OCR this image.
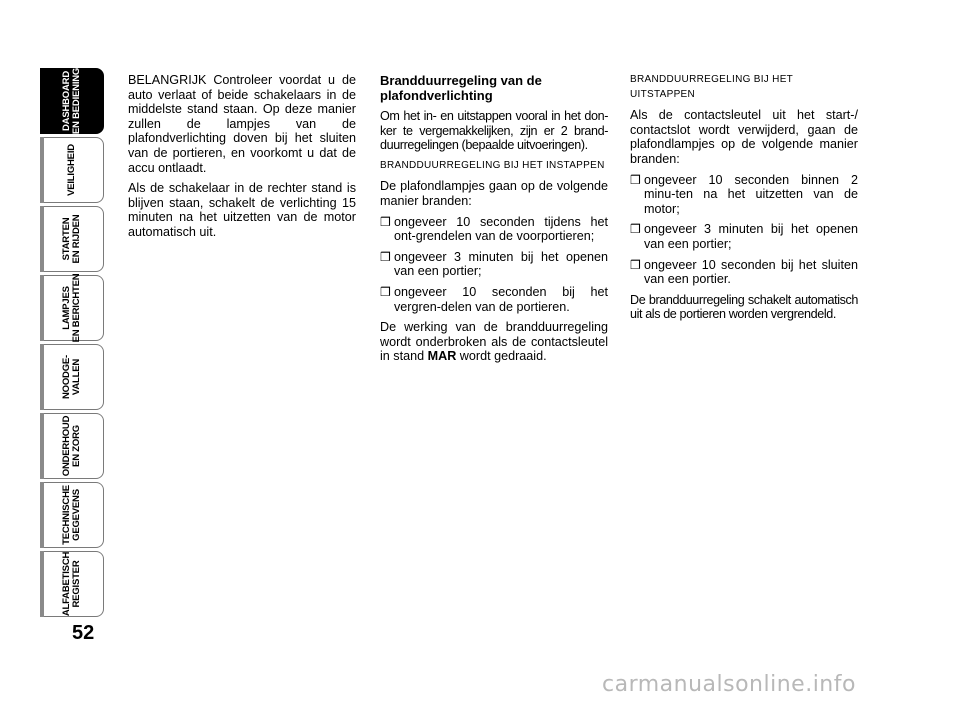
DASHBOARD
EN BEDIENING
VEILIGHEID
STARTEN
EN RIJDEN
LAMPJES
EN BERICHTEN
NOODGE-
VALLEN
ONDERHOUD
EN ZORG
TECHNISCHE
GEGEVENS
ALFABETISCH
REGISTER
52

BELANGRIJK Controleer voordat u de auto verlaat of beide schakelaars in de middelste stand staan. Op deze manier zullen de lampjes van de plafondverlichting doven bij het sluiten van de portieren, en voorkomt u dat de accu ontlaadt.

Als de schakelaar in de rechter stand is blijven staan, schakelt de verlichting 15 minuten na het uitzetten van de motor automatisch uit.

Brandduurregeling van de plafondverlichting

Om het in- en uitstappen vooral in het don-ker te vergemakkelijken, zijn er 2 brand-duurregelingen (bepaalde uitvoeringen).

BRANDDUURREGELING BIJ HET INSTAPPEN

De plafondlampjes gaan op de volgende manier branden:

❒ ongeveer 10 seconden tijdens het ont-grendelen van de voorportieren;
❒ ongeveer 3 minuten bij het openen van een portier;
❒ ongeveer 10 seconden bij het vergren-delen van de portieren.

De werking van de brandduurregeling wordt onderbroken als de contactsleutel in stand MAR wordt gedraaid.

BRANDDUURREGELING BIJ HET UITSTAPPEN

Als de contactsleutel uit het start-/ contactslot wordt verwijderd, gaan de plafondlampjes op de volgende manier branden:

❒ ongeveer 10 seconden binnen 2 minu-ten na het uitzetten van de motor;
❒ ongeveer 3 minuten bij het openen van een portier;
❒ ongeveer 10 seconden bij het sluiten van een portier.

De brandduurregeling schakelt automatisch uit als de portieren worden vergrendeld.

carmanualsonline.info
